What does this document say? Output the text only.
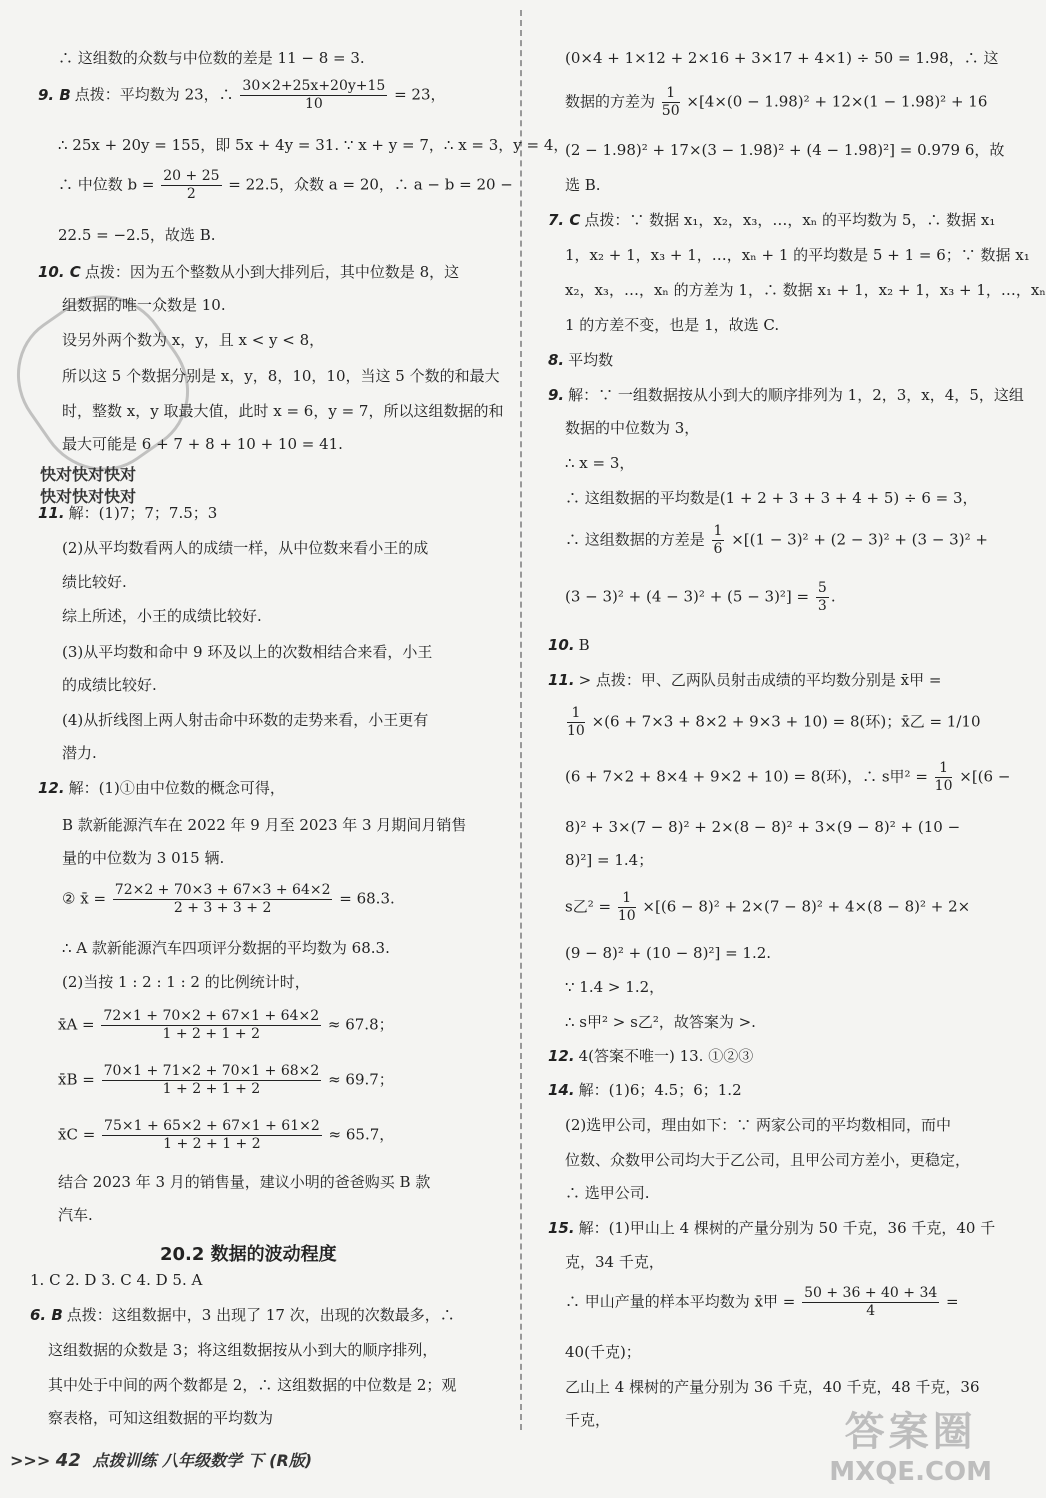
∴ 这组数的众数与中位数的差是 11 − 8 = 3.
9. B 点拨：平均数为 23，∴ $\frac{30\times 2+25x+20y+15}{10} = 23$，
∴ 25x + 20y = 155，即 5x + 4y = 31. ∵ x + y = 7，∴ x = 3，y = 4，
∴ 中位数 $b = \frac{20 + 25}{2} = 22.5$，众数 a = 20，∴ a − b = 20 −
22.5 = −2.5，故选 B.
10. C 点拨：因为五个整数从小到大排列后，其中位数是 8，这
组数据的唯一众数是 10.
设另外两个数为 x，y，且 x < y < 8，
所以这 5 个数据分别是 x，y，8，10，10，当这 5 个数的和最大
时，整数 x，y 取最大值，此时 x = 6，y = 7，所以这组数据的和
最大可能是 6 + 7 + 8 + 10 + 10 = 41.
11. 解：(1)7；7；7.5；3
(2)从平均数看两人的成绩一样，从中位数来看小王的成
绩比较好.
综上所述，小王的成绩比较好.
(3)从平均数和命中 9 环及以上的次数相结合来看，小王
的成绩比较好.
(4)从折线图上两人射击命中环数的走势来看，小王更有
潜力.
12. 解：(1)①由中位数的概念可得，
B 款新能源汽车在 2022 年 9 月至 2023 年 3 月期间月销售
量的中位数为 3 015 辆.
② x̄ = $\frac{72\times 2 + 70\times 3 + 67\times 3 + 64\times 2}{2 + 3 + 3 + 2} = 68.3$.
∴ A 款新能源汽车四项评分数据的平均数为 68.3.
(2)当按 1 : 2 : 1 : 2 的比例统计时，
x̄A = $\frac{72\times 1 + 70\times 2 + 67\times 1 + 64\times 2}{1 + 2 + 1 + 2} \approx 67.8$；
x̄B = $\frac{70\times 1 + 71\times 2 + 70\times 1 + 68\times 2}{1 + 2 + 1 + 2} \approx 69.7$；
x̄C = $\frac{75\times 1 + 65\times 2 + 67\times 1 + 61\times 2}{1 + 2 + 1 + 2} \approx 65.7$，
结合 2023 年 3 月的销售量，建议小明的爸爸购买 B 款
汽车.
1. C 2. D 3. C 4. D 5. A
6. B 点拨：这组数据中，3 出现了 17 次，出现的次数最多，∴
这组数据的众数是 3；将这组数据按从小到大的顺序排列，
其中处于中间的两个数都是 2，∴ 这组数据的中位数是 2；观
察表格，可知这组数据的平均数为
(0×4 + 1×12 + 2×16 + 3×17 + 4×1) ÷ 50 = 1.98，∴ 这
数据的方差为 $\frac{1}{50} \times[4\times(0 - 1.98)^2 + 12\times(1 - 1.98)^2 + 16$
(2 − 1.98)² + 17×(3 − 1.98)² + (4 − 1.98)²] = 0.979 6，故
选 B.
7. C 点拨：∵ 数据 x₁，x₂，x₃，…，xₙ 的平均数为 5，∴ 数据 x₁
1，x₂ + 1，x₃ + 1，…，xₙ + 1 的平均数是 5 + 1 = 6；∵ 数据 x₁
x₂，x₃，…，xₙ 的方差为 1，∴ 数据 x₁ + 1，x₂ + 1，x₃ + 1，…，xₙ
1 的方差不变，也是 1，故选 C.
8. 平均数
9. 解：∵ 一组数据按从小到大的顺序排列为 1，2，3，x，4，5，这组
数据的中位数为 3，
∴ x = 3，
∴ 这组数据的平均数是(1 + 2 + 3 + 3 + 4 + 5) ÷ 6 = 3，
∴ 这组数据的方差是 $\frac{1}{6} \times[(1 - 3)^2 + (2 - 3)^2 + (3 - 3)^2$ +
$(3 - 3)^2 + (4 - 3)^2 + (5 - 3)^2] = \frac{5}{3}$ .
10. B
11. > 点拨：甲、乙两队员射击成绩的平均数分别是 x̄甲 =
$\frac{1}{10} \times(6 + 7\times 3 + 8\times 2 + 9\times 3 + 10) = 8$(环)；x̄乙 = 1/10
(6 + 7×2 + 8×4 + 9×2 + 10) = 8(环)，∴ s甲$^2 = \frac{1}{10} \times[(6$ −
8)² + 3×(7 − 8)² + 2×(8 − 8)² + 3×(9 − 8)² + (10 −
8)²] = 1.4；
s乙$^2 = \frac{1}{10} \times[(6 - 8)^2 + 2\times(7 - 8)^2 + 4\times(8 - 8)^2 + 2\times$
(9 − 8)² + (10 − 8)²] = 1.2.
∵ 1.4 > 1.2，
∴ s甲² > s乙²，故答案为 >.
12. 4(答案不唯一) 13. ①②③
14. 解：(1)6；4.5；6；1.2
(2)选甲公司，理由如下：∵ 两家公司的平均数相同，而中
位数、众数甲公司均大于乙公司，且甲公司方差小，更稳定，
∴ 选甲公司.
15. 解：(1)甲山上 4 棵树的产量分别为 50 千克，36 千克，40 千
克，34 千克，
∴ 甲山产量的样本平均数为 x̄甲 = $\frac{50 + 36 + 40 + 34}{4}$ =
40(千克)；
乙山上 4 棵树的产量分别为 36 千克，40 千克，48 千克，36
千克，
快对快对快对
快对快对快对
20.2 数据的波动程度
>>> 42 点拨训练 八年级数学 下 (R版)
答案圈
MXQE.COM
